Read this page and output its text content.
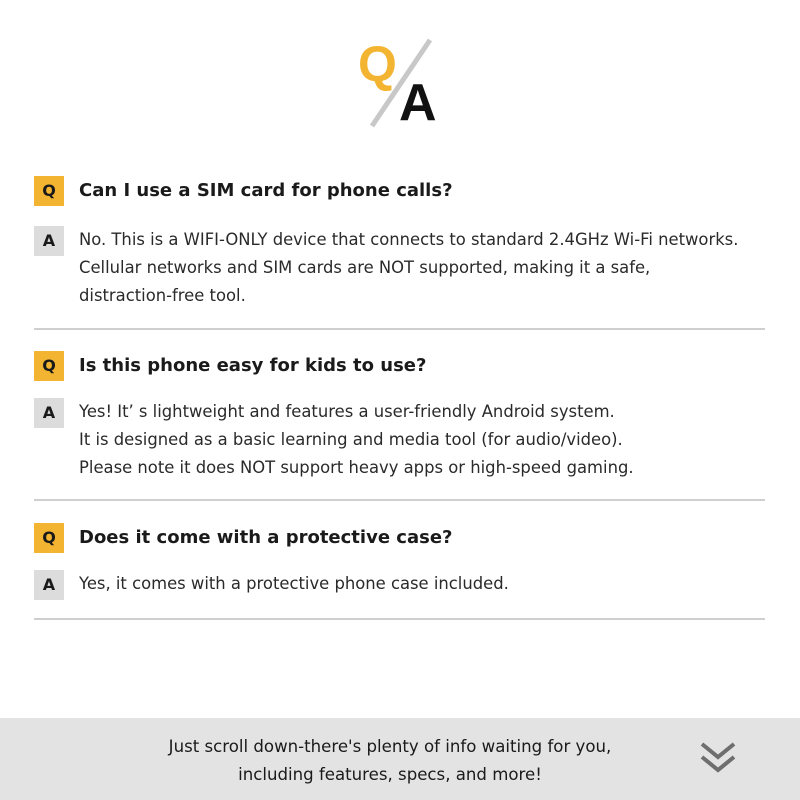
Q
A
Q	Can I use a SIM card for phone calls?
A	No. This is a WIFI-ONLY device that connects to standard 2.4GHz Wi-Fi networks.
Cellular networks and SIM cards are NOT supported, making it a safe,
distraction-free tool.
Q	Is this phone easy for kids to use?
A	Yes! It’ s lightweight and features a user-friendly Android system.
It is designed as a basic learning and media tool (for audio/video).
Please note it does NOT support heavy apps or high-speed gaming.
Q	Does it come with a protective case?
A	Yes, it comes with a protective phone case included.
Just scroll down-there's plenty of info waiting for you,
including features, specs, and more!
